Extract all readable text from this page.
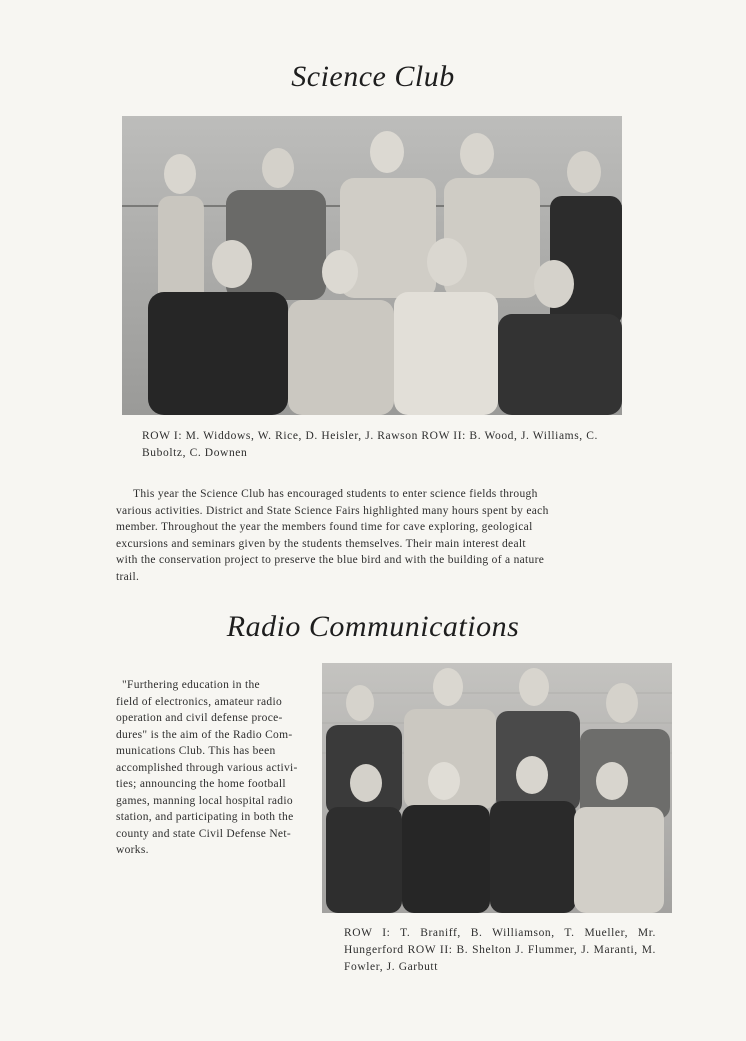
Science Club
ROW I: M. Widdows, W. Rice, D. Heisler, J. Rawson ROW II: B. Wood, J. Williams, C. Buboltz, C. Downen
This year the Science Club has encouraged students to enter science fields through
various activities. District and State Science Fairs highlighted many hours spent by each
member. Throughout the year the members found time for cave exploring, geological
excursions and seminars given by the students themselves. Their main interest dealt
with the conservation project to preserve the blue bird and with the building of a nature
trail.
Radio Communications
"Furthering education in the
field of electronics, amateur radio
operation and civil defense proce-
dures" is the aim of the Radio Com-
munications Club. This has been
accomplished through various activi-
ties; announcing the home football
games, manning local hospital radio
station, and participating in both the
county and state Civil Defense Net-
works.
ROW I: T. Braniff, B. Williamson, T. Mueller, Mr. Hungerford ROW II: B. Shelton J. Flummer, J. Maranti, M. Fowler, J. Garbutt
